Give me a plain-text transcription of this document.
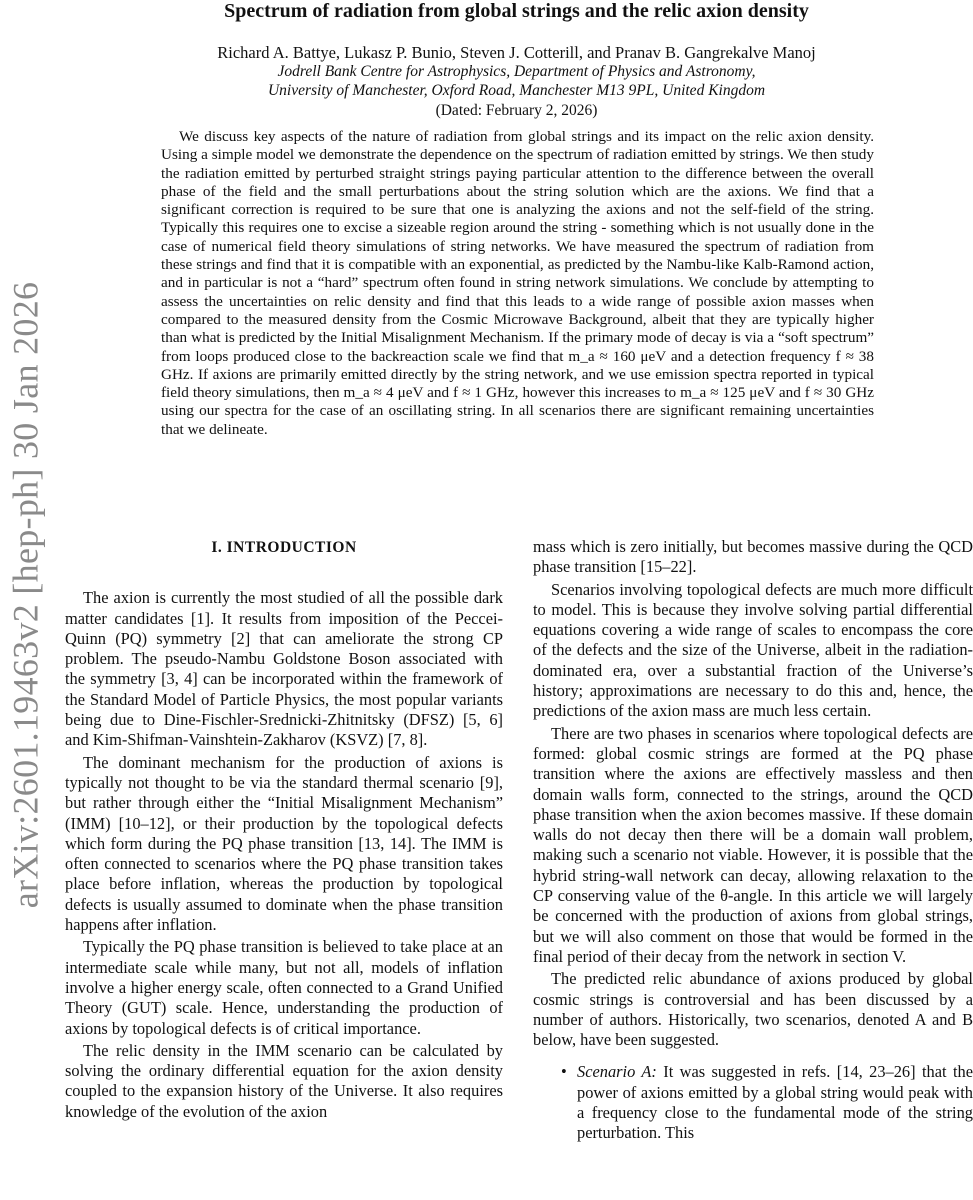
arXiv:2601.19463v2 [hep-ph] 30 Jan 2026
Spectrum of radiation from global strings and the relic axion density
Richard A. Battye, Lukasz P. Bunio, Steven J. Cotterill, and Pranav B. Gangrekalve Manoj
Jodrell Bank Centre for Astrophysics, Department of Physics and Astronomy,
University of Manchester, Oxford Road, Manchester M13 9PL, United Kingdom
(Dated: February 2, 2026)

We discuss key aspects of the nature of radiation from global strings and its impact on the relic axion density. Using a simple model we demonstrate the dependence on the spectrum of radiation emitted by strings. We then study the radiation emitted by perturbed straight strings paying particular attention to the difference between the overall phase of the field and the small perturbations about the string solution which are the axions. We find that a significant correction is required to be sure that one is analyzing the axions and not the self-field of the string. Typically this requires one to excise a sizeable region around the string - something which is not usually done in the case of numerical field theory simulations of string networks. We have measured the spectrum of radiation from these strings and find that it is compatible with an exponential, as predicted by the Nambu-like Kalb-Ramond action, and in particular is not a “hard” spectrum often found in string network simulations. We conclude by attempting to assess the uncertainties on relic density and find that this leads to a wide range of possible axion masses when compared to the measured density from the Cosmic Microwave Background, albeit that they are typically higher than what is predicted by the Initial Misalignment Mechanism. If the primary mode of decay is via a “soft spectrum” from loops produced close to the backreaction scale we find that m_a ≈ 160 μeV and a detection frequency f ≈ 38 GHz. If axions are primarily emitted directly by the string network, and we use emission spectra reported in typical field theory simulations, then m_a ≈ 4 μeV and f ≈ 1 GHz, however this increases to m_a ≈ 125 μeV and f ≈ 30 GHz using our spectra for the case of an oscillating string. In all scenarios there are significant remaining uncertainties that we delineate.

I. INTRODUCTION

The axion is currently the most studied of all the possible dark matter candidates [1]. It results from imposition of the Peccei-Quinn (PQ) symmetry [2] that can ameliorate the strong CP problem. The pseudo-Nambu Goldstone Boson associated with the symmetry [3, 4] can be incorporated within the framework of the Standard Model of Particle Physics, the most popular variants being due to Dine-Fischler-Srednicki-Zhitnitsky (DFSZ) [5, 6] and Kim-Shifman-Vainshtein-Zakharov (KSVZ) [7, 8].

The dominant mechanism for the production of axions is typically not thought to be via the standard thermal scenario [9], but rather through either the “Initial Misalignment Mechanism” (IMM) [10–12], or their production by the topological defects which form during the PQ phase transition [13, 14]. The IMM is often connected to scenarios where the PQ phase transition takes place before inflation, whereas the production by topological defects is usually assumed to dominate when the phase transition happens after inflation.

Typically the PQ phase transition is believed to take place at an intermediate scale while many, but not all, models of inflation involve a higher energy scale, often connected to a Grand Unified Theory (GUT) scale. Hence, understanding the production of axions by topological defects is of critical importance.

The relic density in the IMM scenario can be calculated by solving the ordinary differential equation for the axion density coupled to the expansion history of the Universe. It also requires knowledge of the evolution of the axion

mass which is zero initially, but becomes massive during the QCD phase transition [15–22].

Scenarios involving topological defects are much more difficult to model. This is because they involve solving partial differential equations covering a wide range of scales to encompass the core of the defects and the size of the Universe, albeit in the radiation-dominated era, over a substantial fraction of the Universe’s history; approximations are necessary to do this and, hence, the predictions of the axion mass are much less certain.

There are two phases in scenarios where topological defects are formed: global cosmic strings are formed at the PQ phase transition where the axions are effectively massless and then domain walls form, connected to the strings, around the QCD phase transition when the axion becomes massive. If these domain walls do not decay then there will be a domain wall problem, making such a scenario not viable. However, it is possible that the hybrid string-wall network can decay, allowing relaxation to the CP conserving value of the θ-angle. In this article we will largely be concerned with the production of axions from global strings, but we will also comment on those that would be formed in the final period of their decay from the network in section V.

The predicted relic abundance of axions produced by global cosmic strings is controversial and has been discussed by a number of authors. Historically, two scenarios, denoted A and B below, have been suggested.

• Scenario A: It was suggested in refs. [14, 23–26] that the power of axions emitted by a global string would peak with a frequency close to the fundamental mode of the string perturbation. This
